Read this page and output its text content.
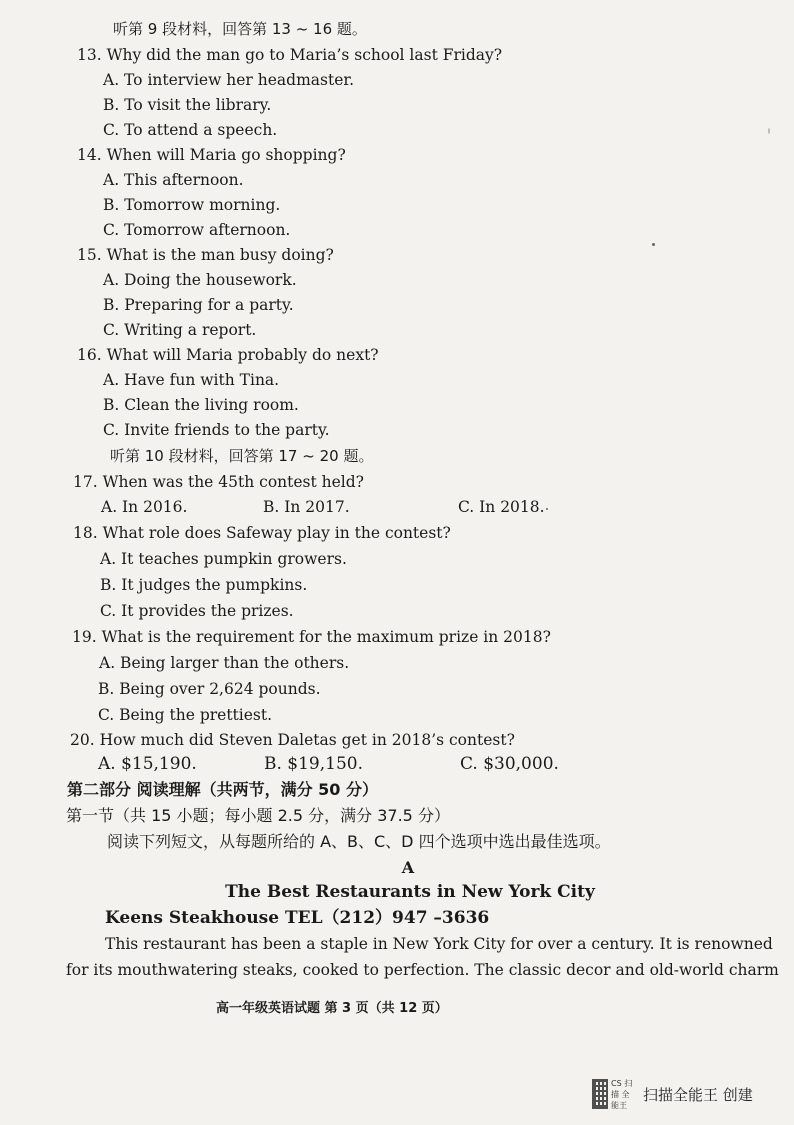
听第 9 段材料，回答第 13 ~ 16 题。
13. Why did the man go to Maria’s school last Friday?
A. To interview her headmaster.
B. To visit the library.
C. To attend a speech.
14. When will Maria go shopping?
A. This afternoon.
B. Tomorrow morning.
C. Tomorrow afternoon.
15. What is the man busy doing?
A. Doing the housework.
B. Preparing for a party.
C. Writing a report.
16. What will Maria probably do next?
A. Have fun with Tina.
B. Clean the living room.
C. Invite friends to the party.
听第 10 段材料，回答第 17 ~ 20 题。
17. When was the 45th contest held?
A. In 2016.	B. In 2017.	C. In 2018.
18. What role does Safeway play in the contest?
A. It teaches pumpkin growers.
B. It judges the pumpkins.
C. It provides the prizes.
19. What is the requirement for the maximum prize in 2018?
A. Being larger than the others.
B. Being over 2,624 pounds.
C. Being the prettiest.
20. How much did Steven Daletas get in 2018’s contest?
A. $15,190.	B. $19,150.	C. $30,000.
第二部分 阅读理解（共两节，满分 50 分）
第一节（共 15 小题；每小题 2.5 分，满分 37.5 分）
阅读下列短文，从每题所给的 A、B、C、D 四个选项中选出最佳选项。
A
The Best Restaurants in New York City
Keens Steakhouse TEL（212）947 –3636
This restaurant has been a staple in New York City for over a century. It is renowned
for its mouthwatering steaks, cooked to perfection. The classic decor and old-world charm
高一年级英语试题 第 3 页（共 12 页）
CS 扫描 全能王
扫描全能王 创建
